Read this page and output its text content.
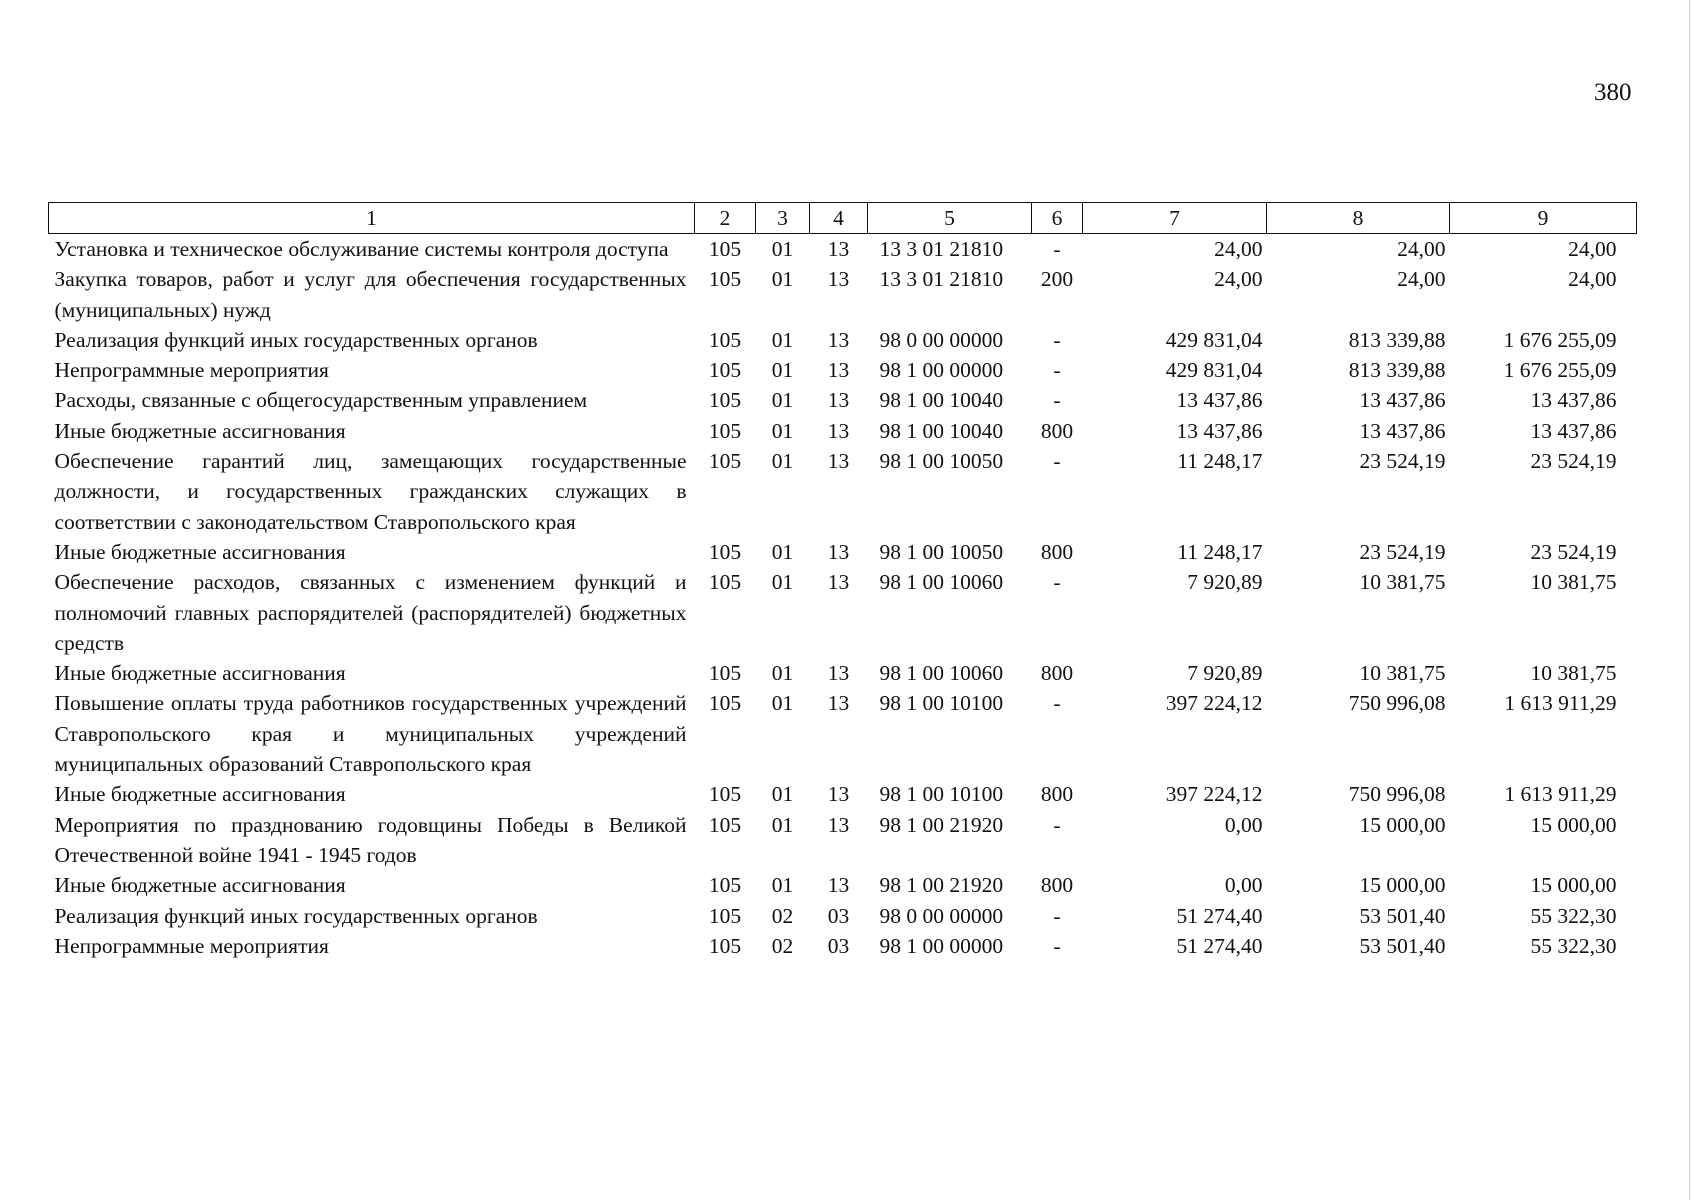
380
1	2	3	4	5	6	7	8	9
Установка и техническое обслуживание системы контроля доступа	105	01	13	13 3 01 21810	-	24,00	24,00	24,00
Закупка товаров, работ и услуг для обеспечения государственных (муниципальных) нужд	105	01	13	13 3 01 21810	200	24,00	24,00	24,00
Реализация функций иных государственных органов	105	01	13	98 0 00 00000	-	429 831,04	813 339,88	1 676 255,09
Непрограммные мероприятия	105	01	13	98 1 00 00000	-	429 831,04	813 339,88	1 676 255,09
Расходы, связанные с общегосударственным управлением	105	01	13	98 1 00 10040	-	13 437,86	13 437,86	13 437,86
Иные бюджетные ассигнования	105	01	13	98 1 00 10040	800	13 437,86	13 437,86	13 437,86
Обеспечение гарантий лиц, замещающих государственные должности, и государственных гражданских служащих в соответствии с законодательством Ставропольского края	105	01	13	98 1 00 10050	-	11 248,17	23 524,19	23 524,19
Иные бюджетные ассигнования	105	01	13	98 1 00 10050	800	11 248,17	23 524,19	23 524,19
Обеспечение расходов, связанных с изменением функций и полномочий главных распорядителей (распорядителей) бюджетных средств	105	01	13	98 1 00 10060	-	7 920,89	10 381,75	10 381,75
Иные бюджетные ассигнования	105	01	13	98 1 00 10060	800	7 920,89	10 381,75	10 381,75
Повышение оплаты труда работников государственных учреждений Ставропольского края и муниципальных учреждений муниципальных образований Ставропольского края	105	01	13	98 1 00 10100	-	397 224,12	750 996,08	1 613 911,29
Иные бюджетные ассигнования	105	01	13	98 1 00 10100	800	397 224,12	750 996,08	1 613 911,29
Мероприятия по празднованию годовщины Победы в Великой Отечественной войне 1941 - 1945 годов	105	01	13	98 1 00 21920	-	0,00	15 000,00	15 000,00
Иные бюджетные ассигнования	105	01	13	98 1 00 21920	800	0,00	15 000,00	15 000,00
Реализация функций иных государственных органов	105	02	03	98 0 00 00000	-	51 274,40	53 501,40	55 322,30
Непрограммные мероприятия	105	02	03	98 1 00 00000	-	51 274,40	53 501,40	55 322,30
